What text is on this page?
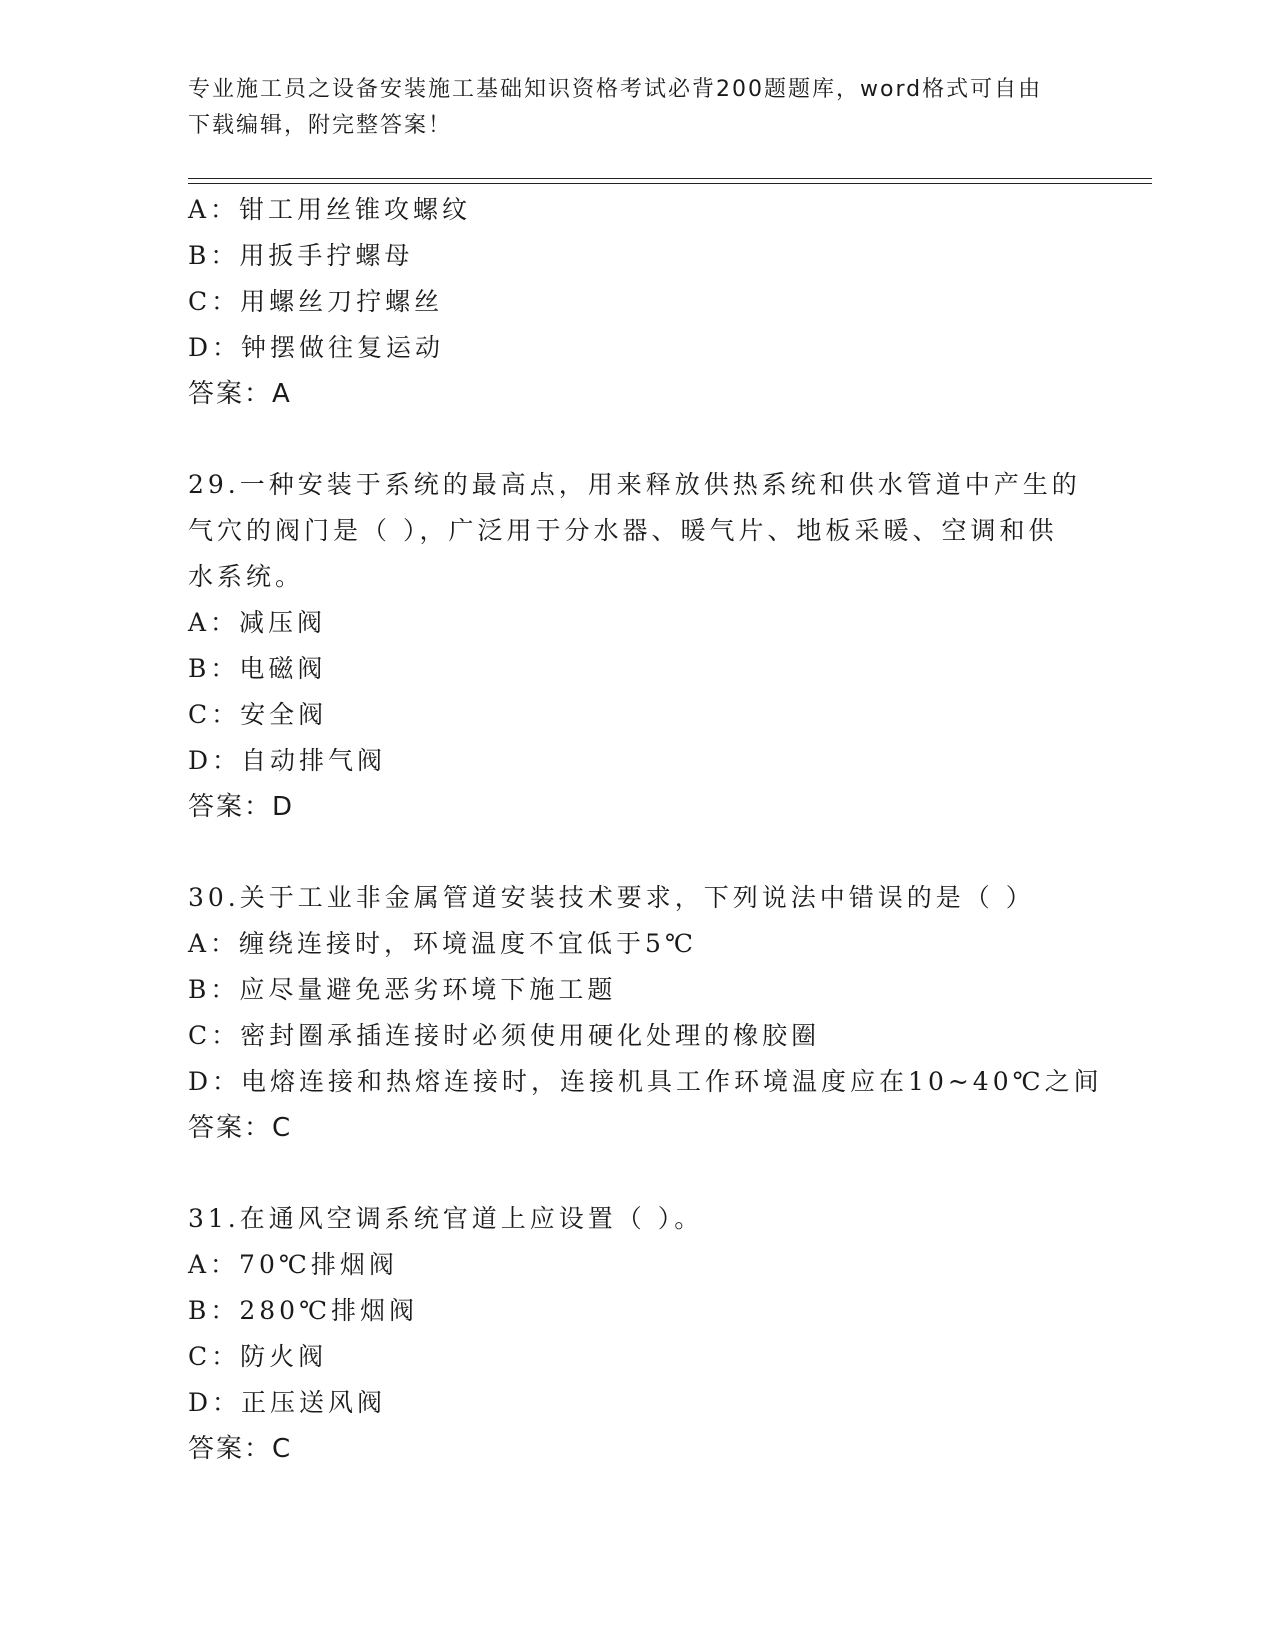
专业施工员之设备安装施工基础知识资格考试必背200题题库，word格式可自由
下载编辑，附完整答案！
A：钳工用丝锥攻螺纹
B：用扳手拧螺母
C：用螺丝刀拧螺丝
D：钟摆做往复运动
答案：A
29.一种安装于系统的最高点，用来释放供热系统和供水管道中产生的
气穴的阀门是（ ），广泛用于分水器、暖气片、地板采暖、空调和供
水系统。
A：减压阀
B：电磁阀
C：安全阀
D：自动排气阀
答案：D
30.关于工业非金属管道安装技术要求，下列说法中错误的是（ ）
A：缠绕连接时，环境温度不宜低于5℃
B：应尽量避免恶劣环境下施工题
C：密封圈承插连接时必须使用硬化处理的橡胶圈
D：电熔连接和热熔连接时，连接机具工作环境温度应在10~40℃之间
答案：C
31.在通风空调系统官道上应设置（ ）。
A：70℃排烟阀
B：280℃排烟阀
C：防火阀
D：正压送风阀
答案：C
